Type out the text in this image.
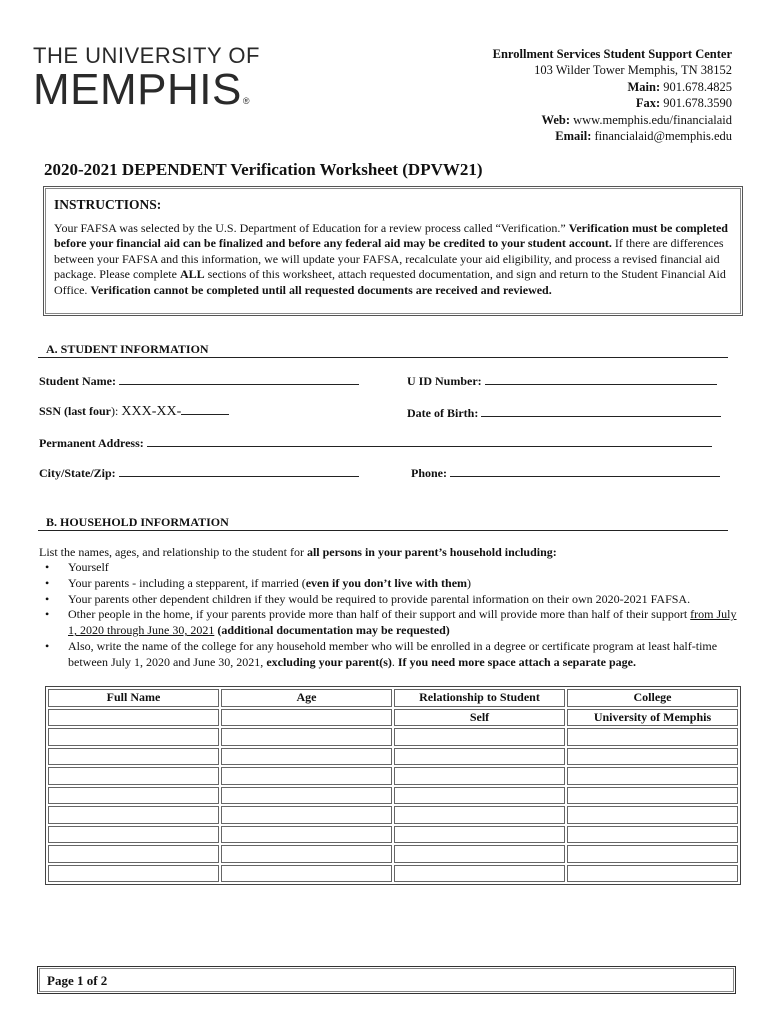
THE UNIVERSITY OF
MEMPHIS®
Enrollment Services Student Support Center
103 Wilder Tower Memphis, TN 38152
Main: 901.678.4825
Fax: 901.678.3590
Web: www.memphis.edu/financialaid
Email: financialaid@memphis.edu
2020-2021 DEPENDENT Verification Worksheet (DPVW21)
INSTRUCTIONS:
Your FAFSA was selected by the U.S. Department of Education for a review process called “Verification.” Verification must be completed before your financial aid can be finalized and before any federal aid may be credited to your student account. If there are differences between your FAFSA and this information, we will update your FAFSA, recalculate your aid eligibility, and process a revised financial aid package. Please complete ALL sections of this worksheet, attach requested documentation, and sign and return to the Student Financial Aid Office. Verification cannot be completed until all requested documents are received and reviewed.
A. STUDENT INFORMATION
Student Name:	U ID Number:
SSN (last four): XXX-XX-	Date of Birth:
Permanent Address:
City/State/Zip:	Phone:
B. HOUSEHOLD INFORMATION
List the names, ages, and relationship to the student for all persons in your parent’s household including:
• Yourself
• Your parents - including a stepparent, if married (even if you don’t live with them)
• Your parents other dependent children if they would be required to provide parental information on their own 2020-2021 FAFSA.
• Other people in the home, if your parents provide more than half of their support and will provide more than half of their support from July 1, 2020 through June 30, 2021 (additional documentation may be requested)
• Also, write the name of the college for any household member who will be enrolled in a degree or certificate program at least half-time between July 1, 2020 and June 30, 2021, excluding your parent(s). If you need more space attach a separate page.
Full Name	Age	Relationship to Student	College
		Self	University of Memphis

Page 1 of 2
